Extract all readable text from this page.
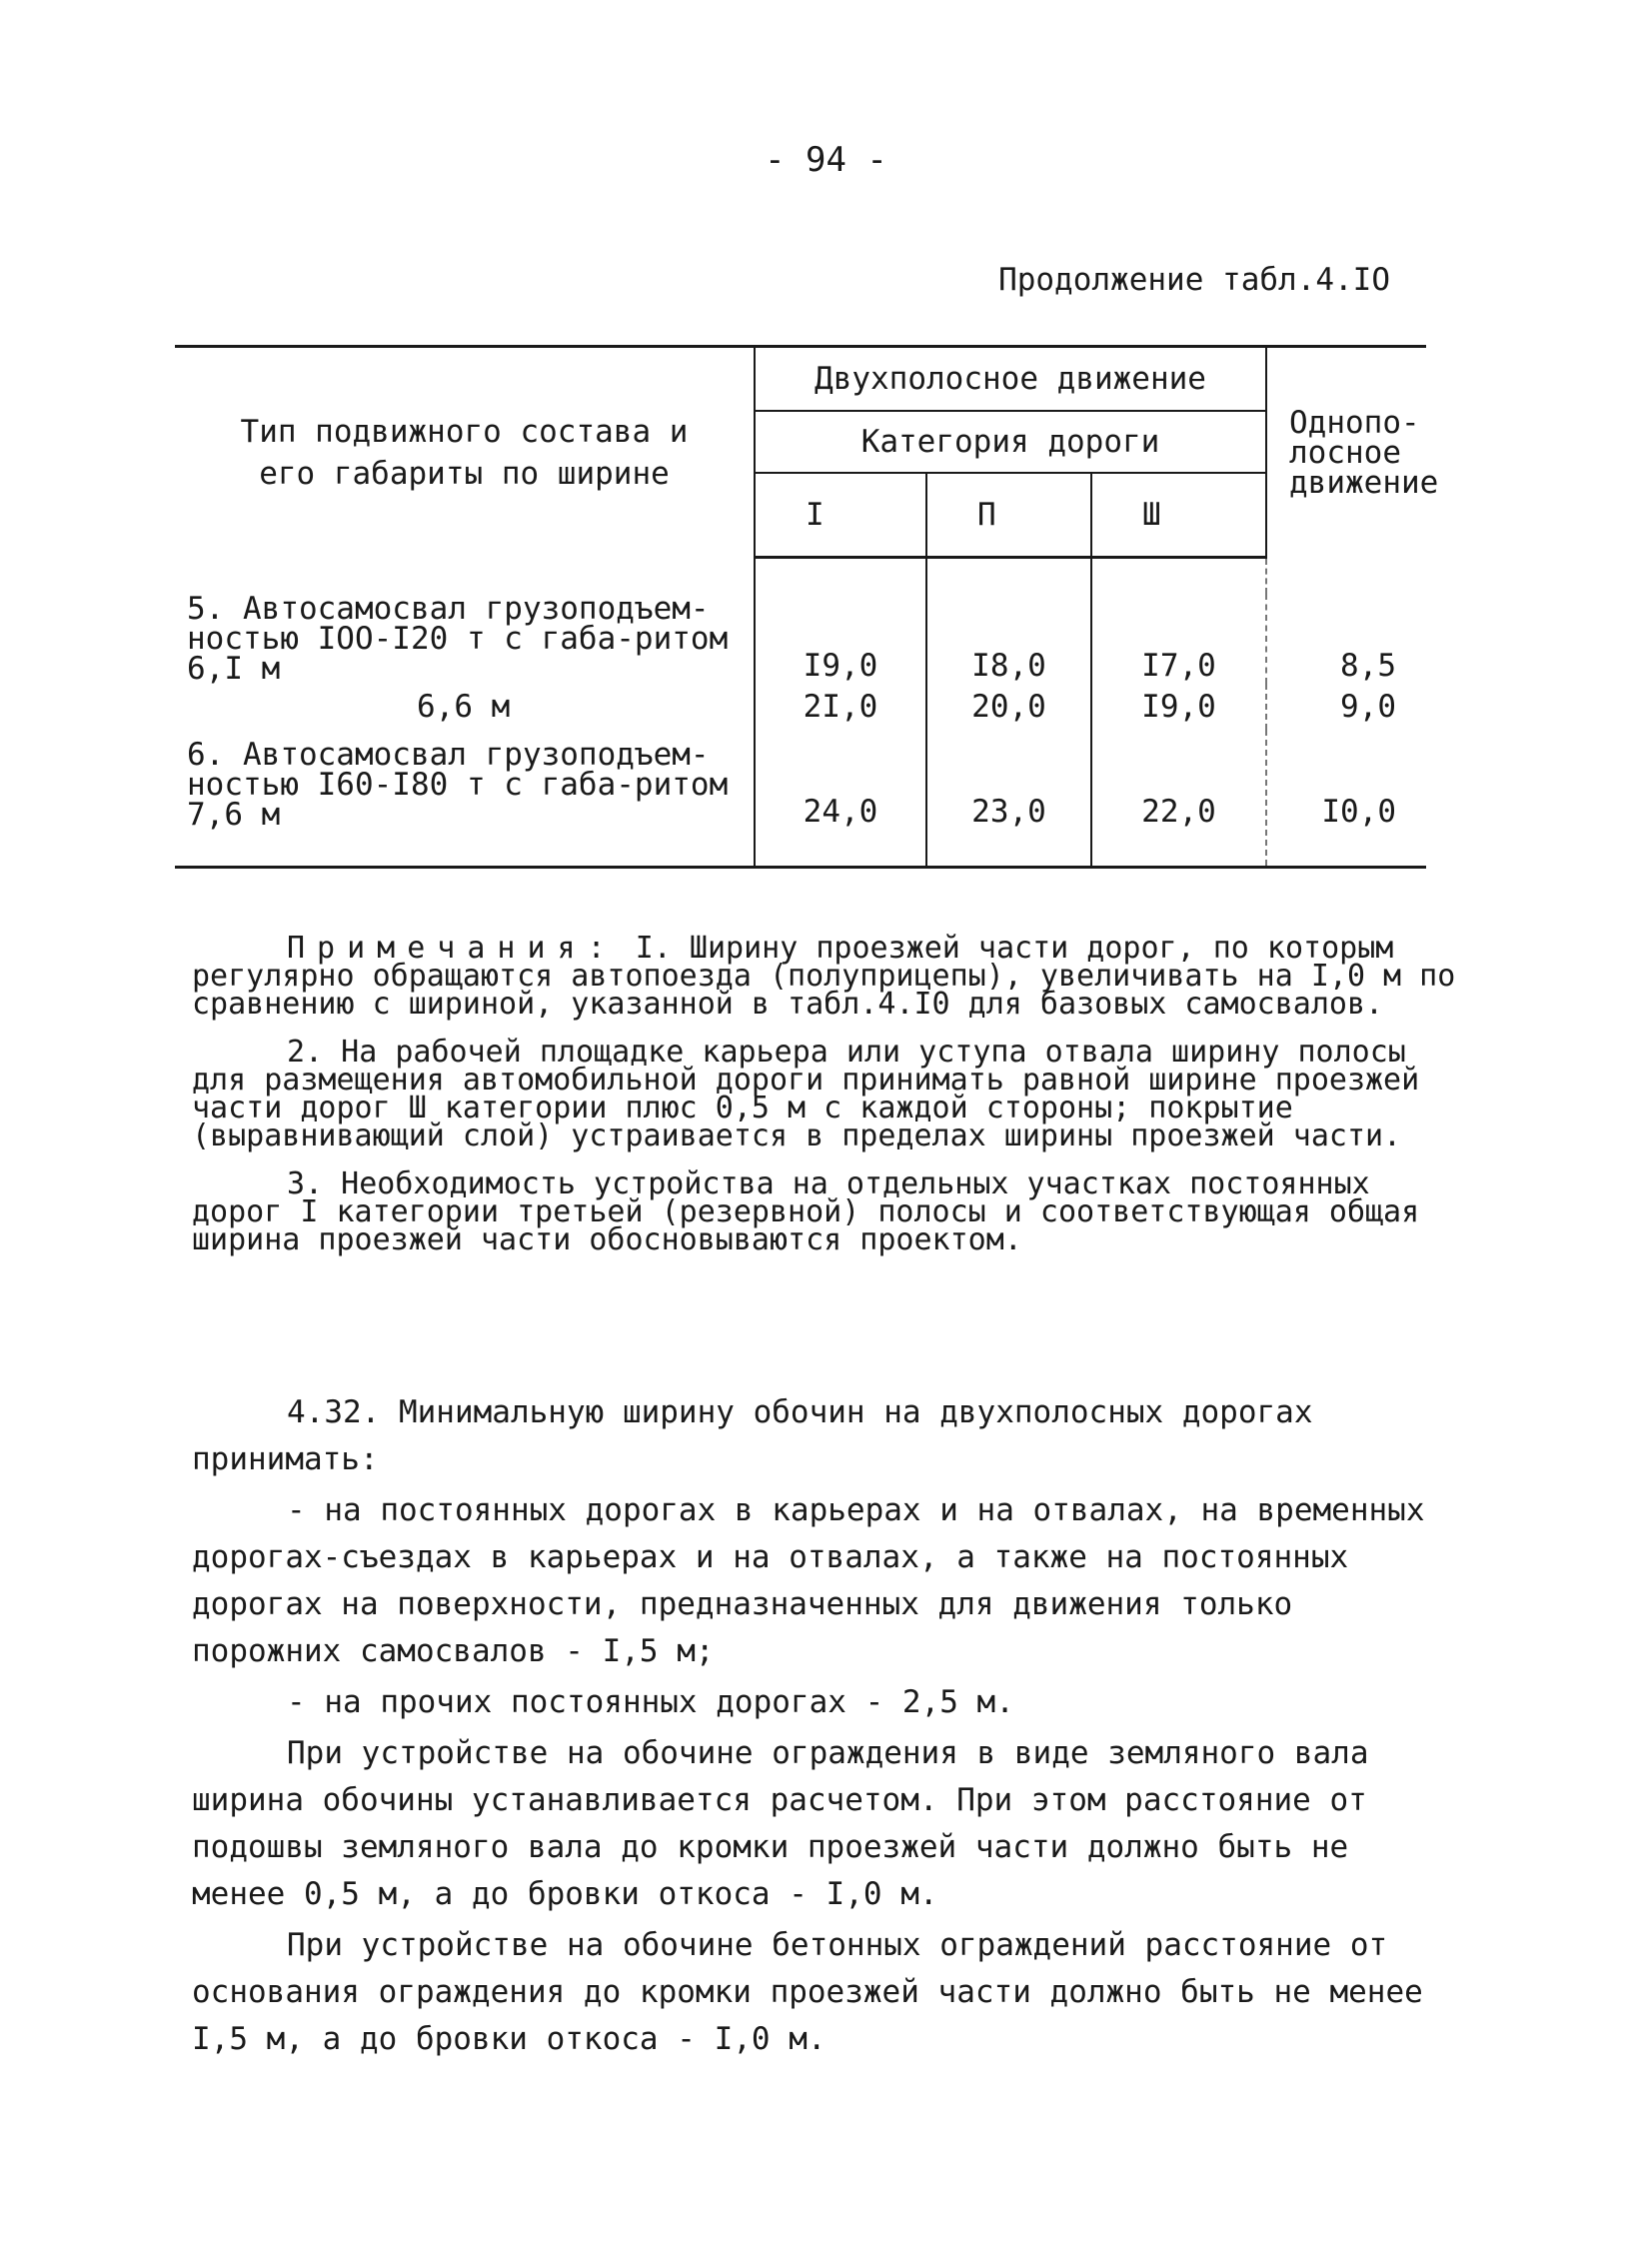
- 94 -
Продолжение табл.4.IO
Тип подвижного состава и его габариты по ширине	Двухполосное движение			Однопо-лосное движение
	Категория дороги			
	I	П	Ш	

5. Автосамосвал грузоподъем-ностью IOO-I20 т с габа-ритом 6,I м	I9,0	I8,0	I7,0	8,5

6,6 м	2I,0	20,0	I9,0	9,0
6. Автосамосвал грузоподъем-ностью I60-I80 т с габа-ритом 7,6 м	24,0	23,0	22,0	I0,0

Примечания: I. Ширину проезжей части дорог, по которым регулярно обращаются автопоезда (полуприцепы), увеличивать на I,0 м по сравнению с шириной, указанной в табл.4.I0 для базовых самосвалов.

2. На рабочей площадке карьера или уступа отвала ширину полосы для размещения автомобильной дороги принимать равной ширине проезжей части дорог Ш категории плюс 0,5 м с каждой стороны; покрытие (выравнивающий слой) устраивается в пределах ширины проезжей части.

3. Необходимость устройства на отдельных участках постоянных дорог I категории третьей (резервной) полосы и соответствующая общая ширина проезжей части обосновываются проектом.

4.32. Минимальную ширину обочин на двухполосных дорогах принимать:

- на постоянных дорогах в карьерах и на отвалах, на временных дорогах-съездах в карьерах и на отвалах, а также на постоянных дорогах на поверхности, предназначенных для движения только порожних самосвалов - I,5 м;

- на прочих постоянных дорогах - 2,5 м.

При устройстве на обочине ограждения в виде земляного вала ширина обочины устанавливается расчетом. При этом расстояние от подошвы земляного вала до кромки проезжей части должно быть не менее 0,5 м, а до бровки откоса - I,0 м.

При устройстве на обочине бетонных ограждений расстояние от основания ограждения до кромки проезжей части должно быть не менее I,5 м, а до бровки откоса - I,0 м.
